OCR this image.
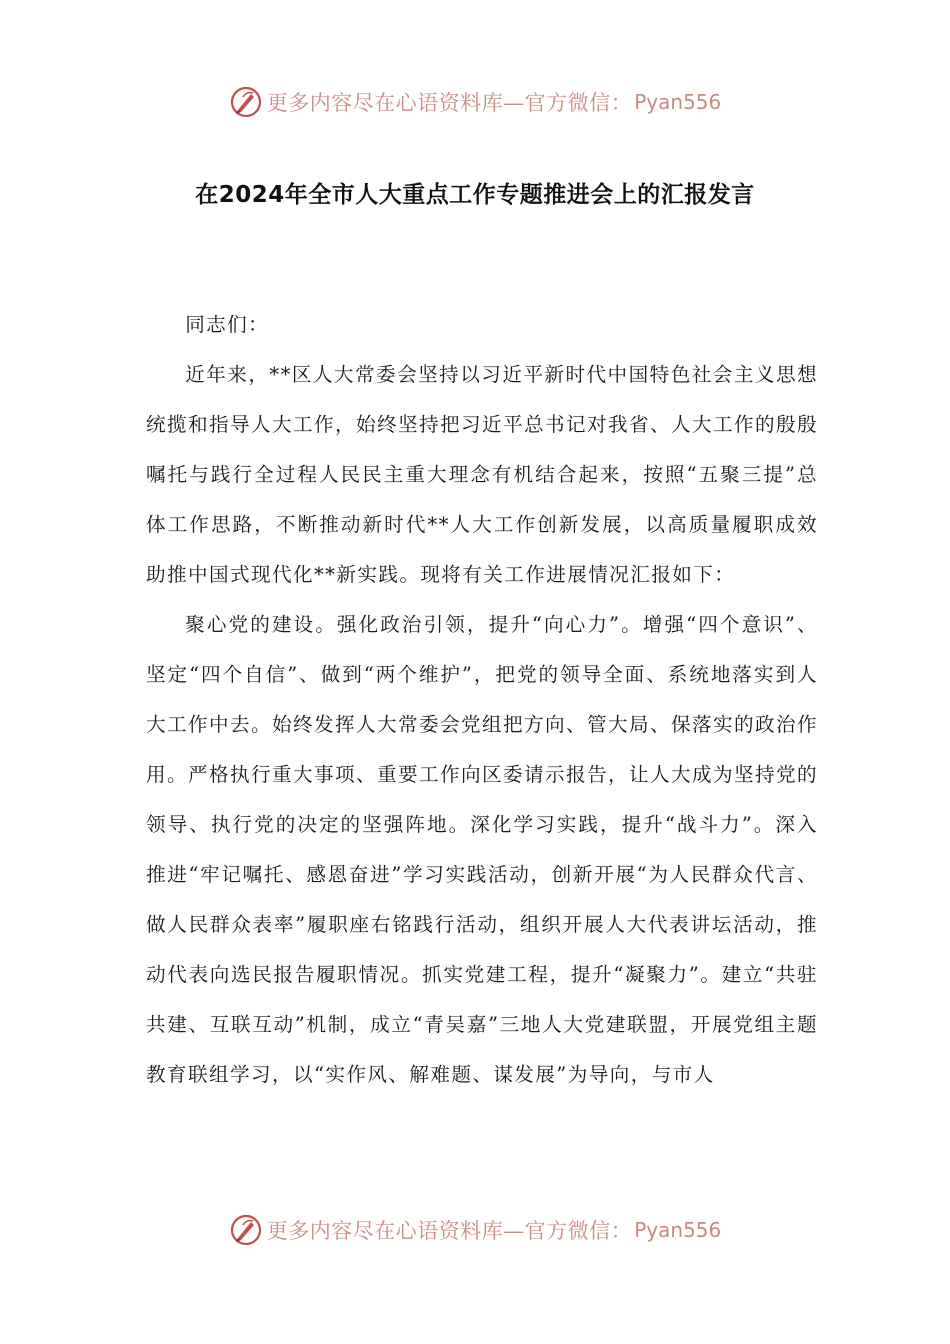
更多内容尽在心语资料库—官方微信： Pyan556
在2024年全市人大重点工作专题推进会上的汇报发言

同志们：

近年来，**区人大常委会坚持以习近平新时代中国特色社会主义思想统揽和指导人大工作，始终坚持把习近平总书记对我省、人大工作的殷殷嘱托与践行全过程人民民主重大理念有机结合起来，按照“五聚三提”总体工作思路，不断推动新时代**人大工作创新发展，以高质量履职成效助推中国式现代化**新实践。现将有关工作进展情况汇报如下：

聚心党的建设。强化政治引领，提升“向心力”。增强“四个意识”、坚定“四个自信”、做到“两个维护”，把党的领导全面、系统地落实到人大工作中去。始终发挥人大常委会党组把方向、管大局、保落实的政治作用。严格执行重大事项、重要工作向区委请示报告，让人大成为坚持党的领导、执行党的决定的坚强阵地。深化学习实践，提升“战斗力”。深入推进“牢记嘱托、感恩奋进”学习实践活动，创新开展“为人民群众代言、做人民群众表率”履职座右铭践行活动，组织开展人大代表讲坛活动，推动代表向选民报告履职情况。抓实党建工程，提升“凝聚力”。建立“共驻共建、互联互动”机制，成立“青吴嘉”三地人大党建联盟，开展党组主题教育联组学习，以“实作风、解难题、谋发展”为导向，与市人

更多内容尽在心语资料库—官方微信： Pyan556
